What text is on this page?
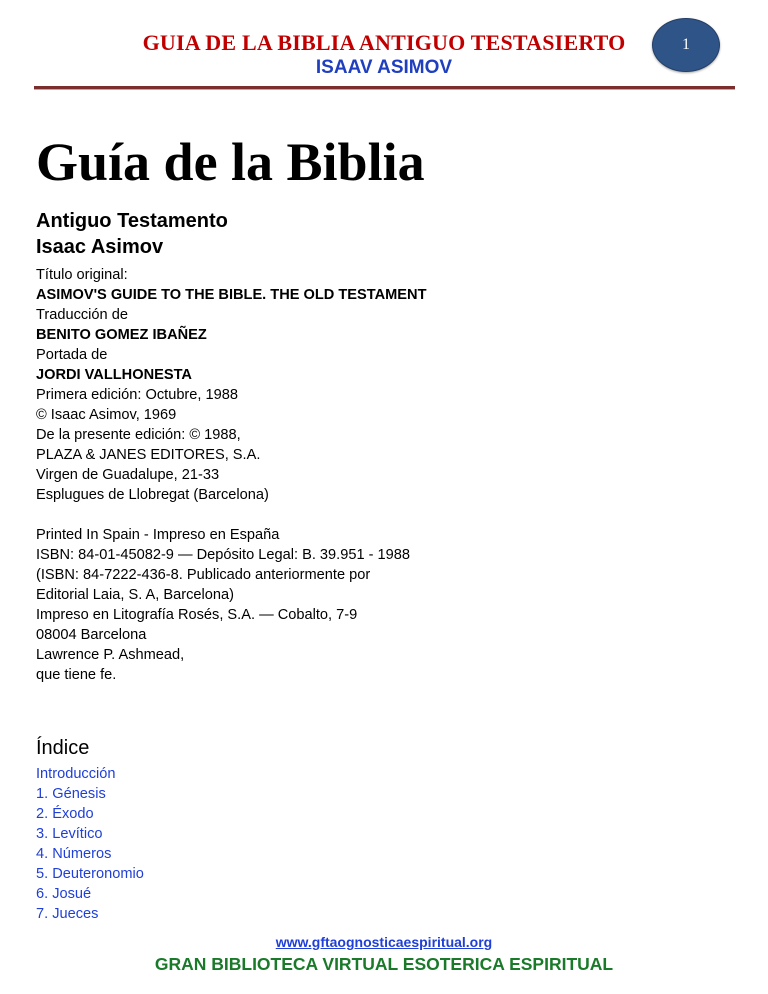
GUIA DE LA BIBLIA ANTIGUO TESTASIERTO
ISAAV ASIMOV
1
Guía de la Biblia
Antiguo Testamento
Isaac Asimov
Título original:
ASIMOV'S GUIDE TO THE BIBLE. THE OLD TESTAMENT
Traducción de
BENITO GOMEZ IBAÑEZ
Portada de
JORDI VALLHONESTA
Primera edición: Octubre, 1988
© Isaac Asimov, 1969
De la presente edición: © 1988,
PLAZA & JANES EDITORES, S.A.
Virgen de Guadalupe, 21-33
Esplugues de Llobregat (Barcelona)
Printed In Spain - Impreso en España
ISBN: 84-01-45082-9 — Depósito Legal: B. 39.951 - 1988
(ISBN: 84-7222-436-8. Publicado anteriormente por
Editorial Laia, S. A, Barcelona)
Impreso en Litografía Rosés, S.A. — Cobalto, 7-9
08004 Barcelona
Lawrence P. Ashmead,
que tiene fe.
Índice
Introducción
1. Génesis
2. Éxodo
3. Levítico
4. Números
5. Deuteronomio
6. Josué
7. Jueces
www.gftaognosticaespiritual.org
GRAN BIBLIOTECA VIRTUAL ESOTERICA ESPIRITUAL
